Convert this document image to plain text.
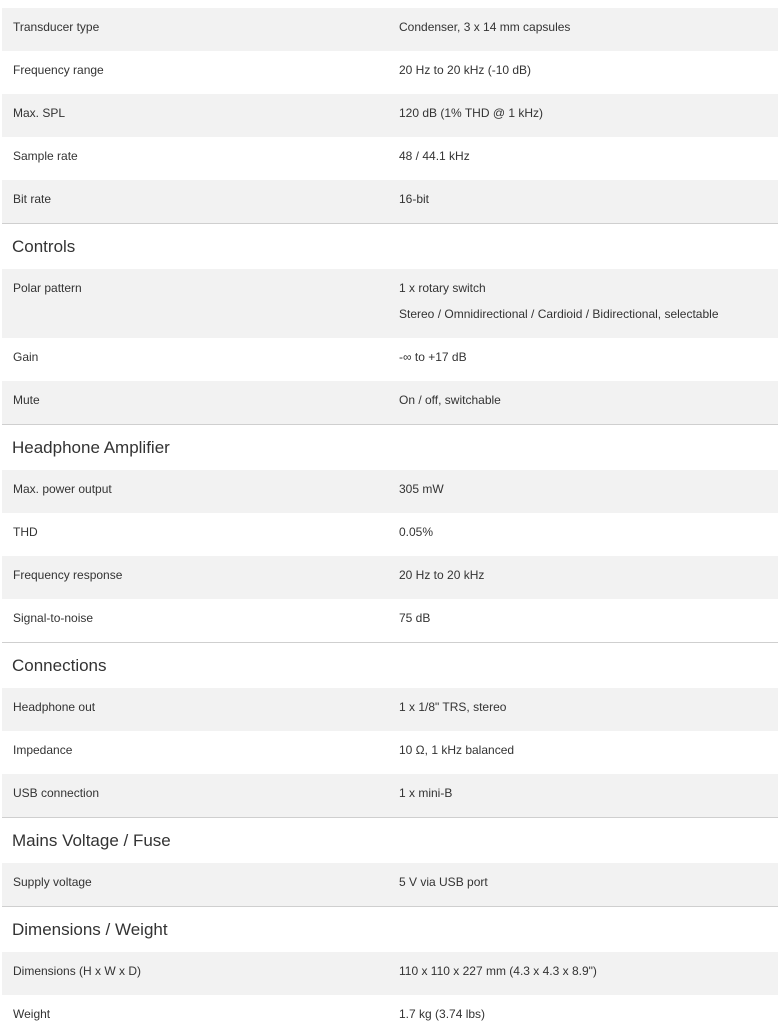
Transducer type	Condenser, 3 x 14 mm capsules
Frequency range	20 Hz to 20 kHz (-10 dB)
Max. SPL	120 dB (1% THD @ 1 kHz)
Sample rate	48 / 44.1 kHz
Bit rate	16-bit
Controls
Polar pattern	1 x rotary switch
Stereo / Omnidirectional / Cardioid / Bidirectional, selectable
Gain	-∞ to +17 dB
Mute	On / off, switchable
Headphone Amplifier
Max. power output	305 mW
THD	0.05%
Frequency response	20 Hz to 20 kHz
Signal-to-noise	75 dB
Connections
Headphone out	1 x 1/8" TRS, stereo
Impedance	10 Ω, 1 kHz balanced
USB connection	1 x mini-B
Mains Voltage / Fuse
Supply voltage	5 V via USB port
Dimensions / Weight
Dimensions (H x W x D)	110 x 110 x 227 mm (4.3 x 4.3 x 8.9")
Weight	1.7 kg (3.74 lbs)
